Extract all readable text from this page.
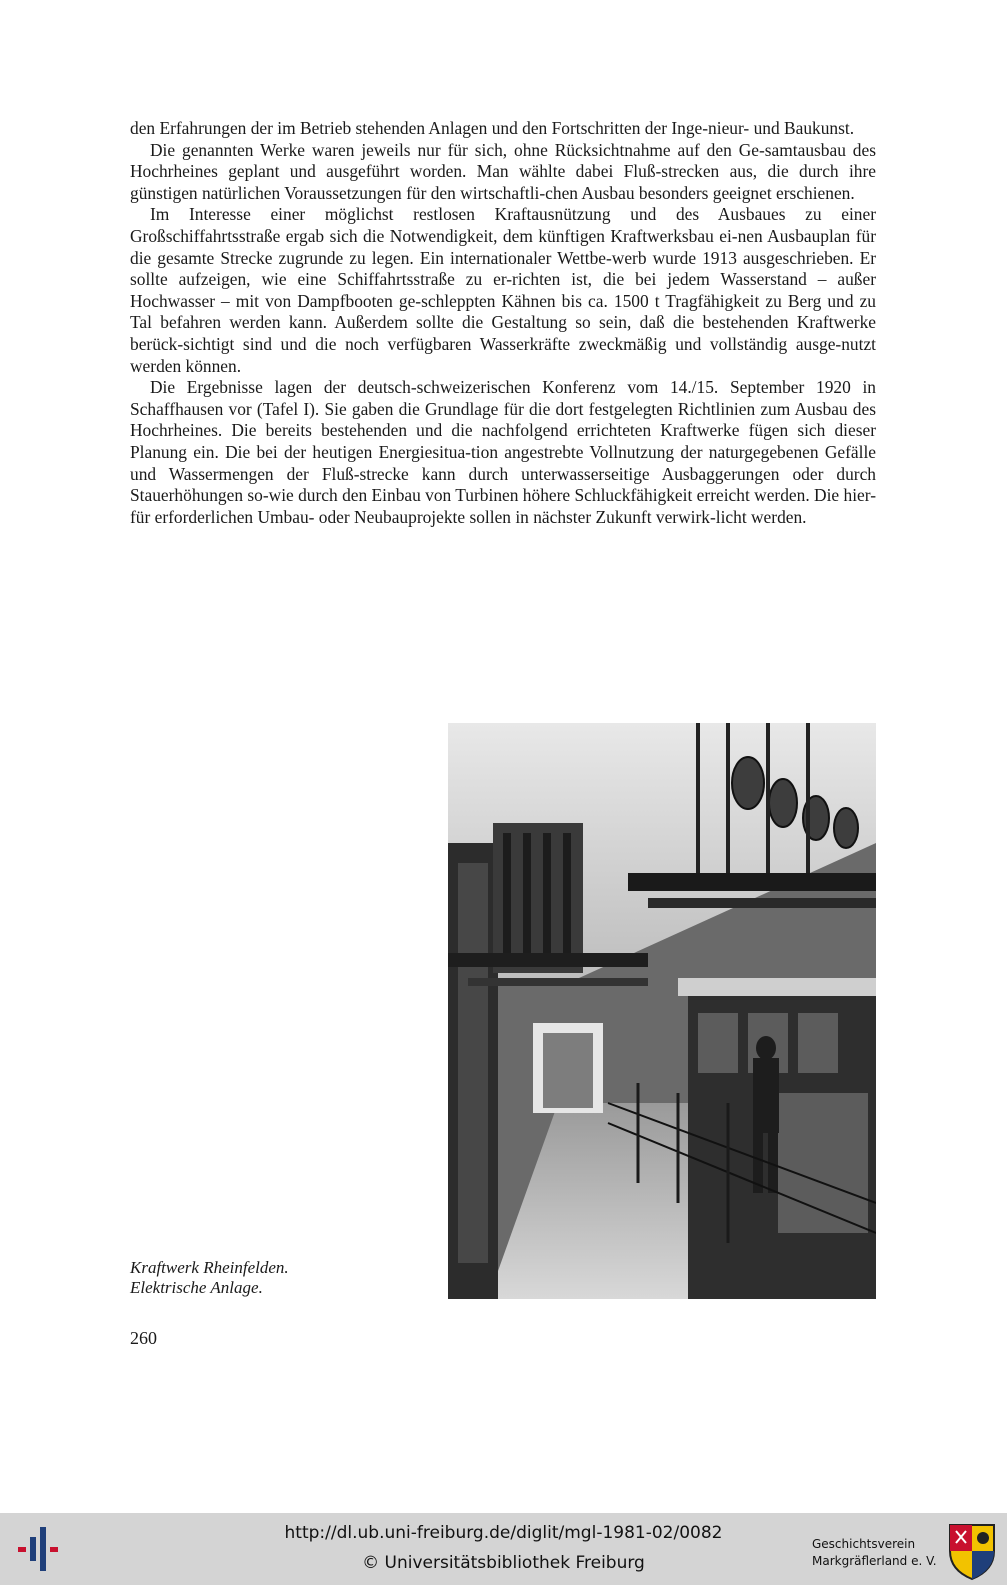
den Erfahrungen der im Betrieb stehenden Anlagen und den Fortschritten der Inge-nieur- und Baukunst.

Die genannten Werke waren jeweils nur für sich, ohne Rücksichtnahme auf den Ge-samtausbau des Hochrheines geplant und ausgeführt worden. Man wählte dabei Fluß-strecken aus, die durch ihre günstigen natürlichen Voraussetzungen für den wirtschaftli-chen Ausbau besonders geeignet erschienen.

Im Interesse einer möglichst restlosen Kraftausnützung und des Ausbaues zu einer Großschiffahrtsstraße ergab sich die Notwendigkeit, dem künftigen Kraftwerksbau ei-nen Ausbauplan für die gesamte Strecke zugrunde zu legen. Ein internationaler Wettbe-werb wurde 1913 ausgeschrieben. Er sollte aufzeigen, wie eine Schiffahrtsstraße zu er-richten ist, die bei jedem Wasserstand – außer Hochwasser – mit von Dampfbooten ge-schleppten Kähnen bis ca. 1500 t Tragfähigkeit zu Berg und zu Tal befahren werden kann. Außerdem sollte die Gestaltung so sein, daß die bestehenden Kraftwerke berück-sichtigt sind und die noch verfügbaren Wasserkräfte zweckmäßig und vollständig ausge-nutzt werden können.

Die Ergebnisse lagen der deutsch-schweizerischen Konferenz vom 14./15. September 1920 in Schaffhausen vor (Tafel I). Sie gaben die Grundlage für die dort festgelegten Richtlinien zum Ausbau des Hochrheines. Die bereits bestehenden und die nachfolgend errichteten Kraftwerke fügen sich dieser Planung ein. Die bei der heutigen Energiesitua-tion angestrebte Vollnutzung der naturgegebenen Gefälle und Wassermengen der Fluß-strecke kann durch unterwasserseitige Ausbaggerungen oder durch Stauerhöhungen so-wie durch den Einbau von Turbinen höhere Schluckfähigkeit erreicht werden. Die hier-für erforderlichen Umbau- oder Neubauprojekte sollen in nächster Zukunft verwirk-licht werden.

Kraftwerk Rheinfelden.
Elektrische Anlage.
260
http://dl.ub.uni-freiburg.de/diglit/mgl-1981-02/0082
© Universitätsbibliothek Freiburg
Geschichtsverein
Markgräflerland e. V.
